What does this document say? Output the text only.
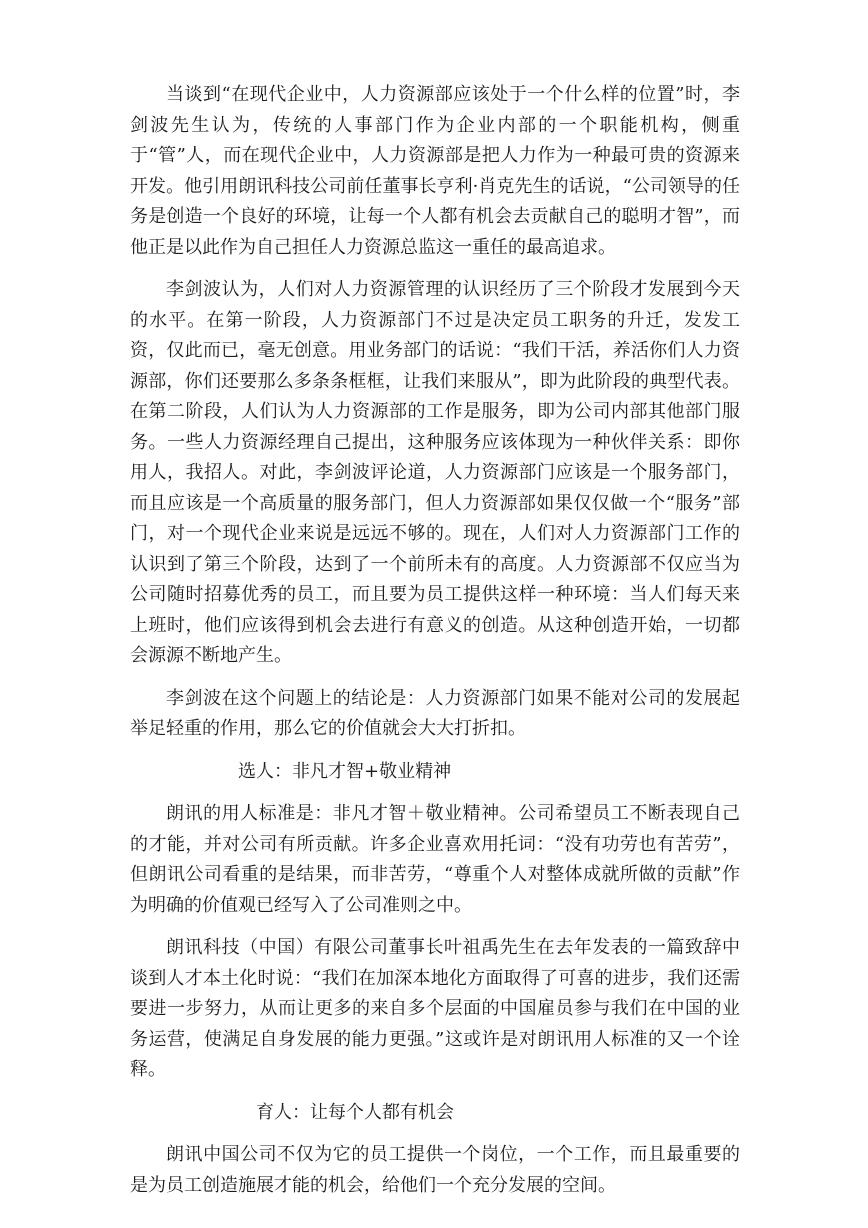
当谈到“在现代企业中，人力资源部应该处于一个什么样的位置”时，李剑波先生认为，传统的人事部门作为企业内部的一个职能机构，侧重于“管”人，而在现代企业中，人力资源部是把人力作为一种最可贵的资源来开发。他引用朗讯科技公司前任董事长亨利·肖克先生的话说，“公司领导的任务是创造一个良好的环境，让每一个人都有机会去贡献自己的聪明才智”，而他正是以此作为自己担任人力资源总监这一重任的最高追求。

李剑波认为，人们对人力资源管理的认识经历了三个阶段才发展到今天的水平。在第一阶段，人力资源部门不过是决定员工职务的升迁，发发工资，仅此而已，毫无创意。用业务部门的话说：“我们干活，养活你们人力资源部，你们还要那么多条条框框，让我们来服从”，即为此阶段的典型代表。在第二阶段，人们认为人力资源部的工作是服务，即为公司内部其他部门服务。一些人力资源经理自己提出，这种服务应该体现为一种伙伴关系：即你用人，我招人。对此，李剑波评论道，人力资源部门应该是一个服务部门，而且应该是一个高质量的服务部门，但人力资源部如果仅仅做一个“服务”部门，对一个现代企业来说是远远不够的。现在，人们对人力资源部门工作的认识到了第三个阶段，达到了一个前所未有的高度。人力资源部不仅应当为公司随时招募优秀的员工，而且要为员工提供这样一种环境：当人们每天来上班时，他们应该得到机会去进行有意义的创造。从这种创造开始，一切都会源源不断地产生。

李剑波在这个问题上的结论是：人力资源部门如果不能对公司的发展起举足轻重的作用，那么它的价值就会大大打折扣。

选人：非凡才智+敬业精神

朗讯的用人标准是：非凡才智＋敬业精神。公司希望员工不断表现自己的才能，并对公司有所贡献。许多企业喜欢用托词：“没有功劳也有苦劳”，但朗讯公司看重的是结果，而非苦劳，“尊重个人对整体成就所做的贡献”作为明确的价值观已经写入了公司准则之中。

朗讯科技（中国）有限公司董事长叶祖禹先生在去年发表的一篇致辞中谈到人才本土化时说：“我们在加深本地化方面取得了可喜的进步，我们还需要进一步努力，从而让更多的来自多个层面的中国雇员参与我们在中国的业务运营，使满足自身发展的能力更强。”这或许是对朗讯用人标准的又一个诠释。

育人：让每个人都有机会

朗讯中国公司不仅为它的员工提供一个岗位，一个工作，而且最重要的是为员工创造施展才能的机会，给他们一个充分发展的空间。
